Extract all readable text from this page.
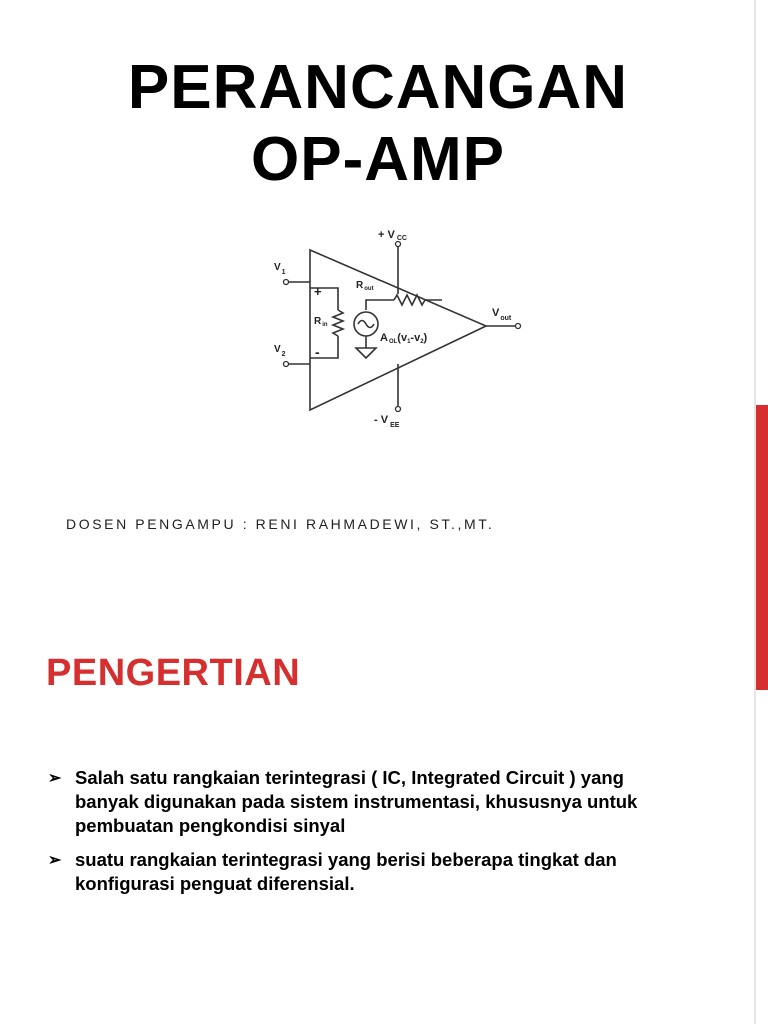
PERANCANGAN
OP-AMP
+ V CC
- V $_{EE}$
$V_1$
$V_2$
+
-
$R_{out}$
$R_{in}$
$V_{out}$
AOL(v1-v2)
DOSEN PENGAMPU : RENI RAHMADEWI, ST.,MT.
PENGERTIAN
➢ Salah satu rangkaian terintegrasi ( IC, Integrated Circuit ) yang banyak digunakan pada sistem instrumentasi, khususnya untuk pembuatan pengkondisi sinyal
➢ suatu rangkaian terintegrasi yang berisi beberapa tingkat dan konfigurasi penguat diferensial.
